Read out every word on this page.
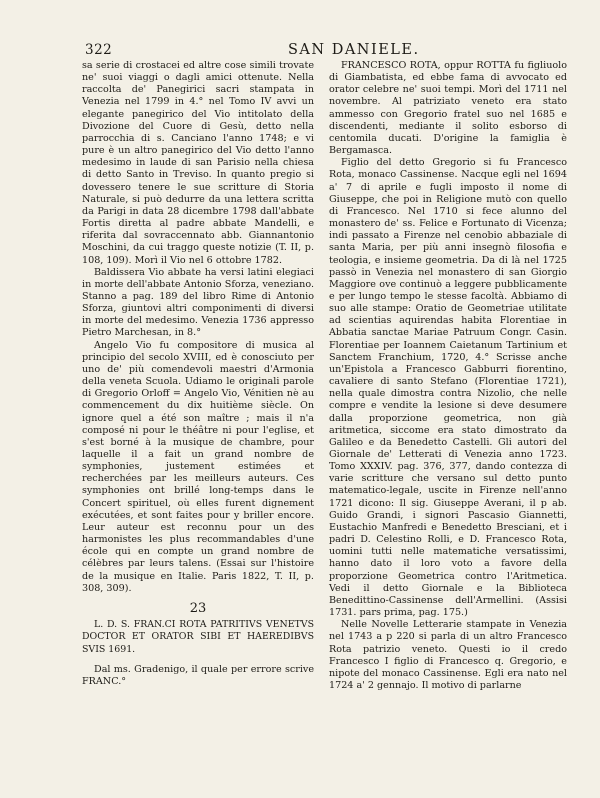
322	SAN DANIELE.

sa serie di crostacei ed altre cose simili trovate ne' suoi viaggi o dagli amici ottenute. Nella raccolta de' Panegirici sacri stampata in Venezia nel 1799 in 4.° nel Tomo IV avvi un elegante panegirico del Vio intitolato della Divozione del Cuore di Gesù, detto nella parrocchia di s. Canciano l'anno 1748; e vi pure è un altro panegirico del Vio detto l'anno medesimo in laude di san Parisio nella chiesa di detto Santo in Treviso. In quanto pregio si dovessero tenere le sue scritture di Storia Naturale, si può dedurre da una lettera scritta da Parigi in data 28 dicembre 1798 dall'abbate Fortis diretta al padre abbate Mandelli, e riferita dal sovraccennato abb. Giannantonio Moschini, da cui traggo queste notizie (T. II, p. 108, 109). Morì il Vio nel 6 ottobre 1782.

Baldissera Vio abbate ha versi latini elegiaci in morte dell'abbate Antonio Sforza, veneziano. Stanno a pag. 189 del libro Rime di Antonio Sforza, giuntovi altri componimenti di diversi in morte del medesimo. Venezia 1736 appresso Pietro Marchesan, in 8.°

Angelo Vio fu compositore di musica al principio del secolo XVIII, ed è conosciuto per uno de' più comendevoli maestri d'Armonia della veneta Scuola. Udiamo le originali parole di Gregorio Orloff = Angelo Vio, Vénitien nè au commencement du dix huitième siècle. On ignore quel a été son maître ; mais il n'a composé ni pour le théâtre ni pour l'eglise, et s'est borné à la musique de chambre, pour laquelle il a fait un grand nombre de symphonies, justement estimées et recherchées par les meilleurs auteurs. Ces symphonies ont brillé long-temps dans le Concert spirituel, où elles furent dignement exécutées, et sont faites pour y briller encore. Leur auteur est reconnu pour un des harmonistes les plus recommandables d'une école qui en compte un grand nombre de célèbres par leurs talens. (Essai sur l'histoire de la musique en Italie. Paris 1822, T. II, p. 308, 309).

23

L. D. S. FRAN.CI ROTA PATRITIVS VENETVS DOCTOR ET ORATOR SIBI ET HAEREDIBVS SVIS 1691.

Dal ms. Gradenigo, il quale per errore scrive FRANC.°

FRANCESCO ROTA, oppur ROTTA fu figliuolo di Giambatista, ed ebbe fama di avvocato ed orator celebre ne' suoi tempi. Morì del 1711 nel novembre. Al patriziato veneto era stato ammesso con Gregorio fratel suo nel 1685 e discendenti, mediante il solito esborso di centomila ducati. D'origine la famiglia è Bergamasca.

Figlio del detto Gregorio si fu Francesco Rota, monaco Cassinense. Nacque egli nel 1694 a' 7 di aprile e fugli imposto il nome di Giuseppe, che poi in Religione mutò con quello di Francesco. Nel 1710 si fece alunno del monastero de' ss. Felice e Fortunato di Vicenza; indi passato a Firenze nel cenobio abbaziale di santa Maria, per più anni insegnò filosofia e teologia, e insieme geometria. Da di là nel 1725 passò in Venezia nel monastero di san Giorgio Maggiore ove continuò a leggere pubblicamente e per lungo tempo le stesse facoltà. Abbiamo di suo alle stampe: Oratio de Geometriae utilitate ad scientias aquirendas habita Florentiae in Abbatia sanctae Mariae Patruum Congr. Casin. Florentiae per Ioannem Caietanum Tartinium et Sanctem Franchium, 1720, 4.° Scrisse anche un'Epistola a Francesco Gabburri fiorentino, cavaliere di santo Stefano (Florentiae 1721), nella quale dimostra contra Nizolio, che nelle compre e vendite la lesione si deve desumere dalla proporzione geometrica, non già aritmetica, siccome era stato dimostrato da Galileo e da Benedetto Castelli. Gli autori del Giornale de' Letterati di Venezia anno 1723. Tomo XXXIV. pag. 376, 377, dando contezza di varie scritture che versano sul detto punto matematico-legale, uscite in Firenze nell'anno 1721 dicono: Il sig. Giuseppe Averani, il p ab. Guido Grandi, i signori Pascasio Giannetti, Eustachio Manfredi e Benedetto Bresciani, et i padri D. Celestino Rolli, e D. Francesco Rota, uomini tutti nelle matematiche versatissimi, hanno dato il loro voto a favore della proporzione Geometrica contro l'Aritmetica. Vedi il detto Giornale e la Biblioteca Benedittino-Cassinense dell'Armellini. (Assisi 1731. pars prima, pag. 175.)

Nelle Novelle Letterarie stampate in Venezia nel 1743 a p 220 si parla di un altro Francesco Rota patrizio veneto. Questi io il credo Francesco I figlio di Francesco q. Gregorio, e nipote del monaco Cassinense. Egli era nato nel 1724 a' 2 gennajo. Il motivo di parlarne
